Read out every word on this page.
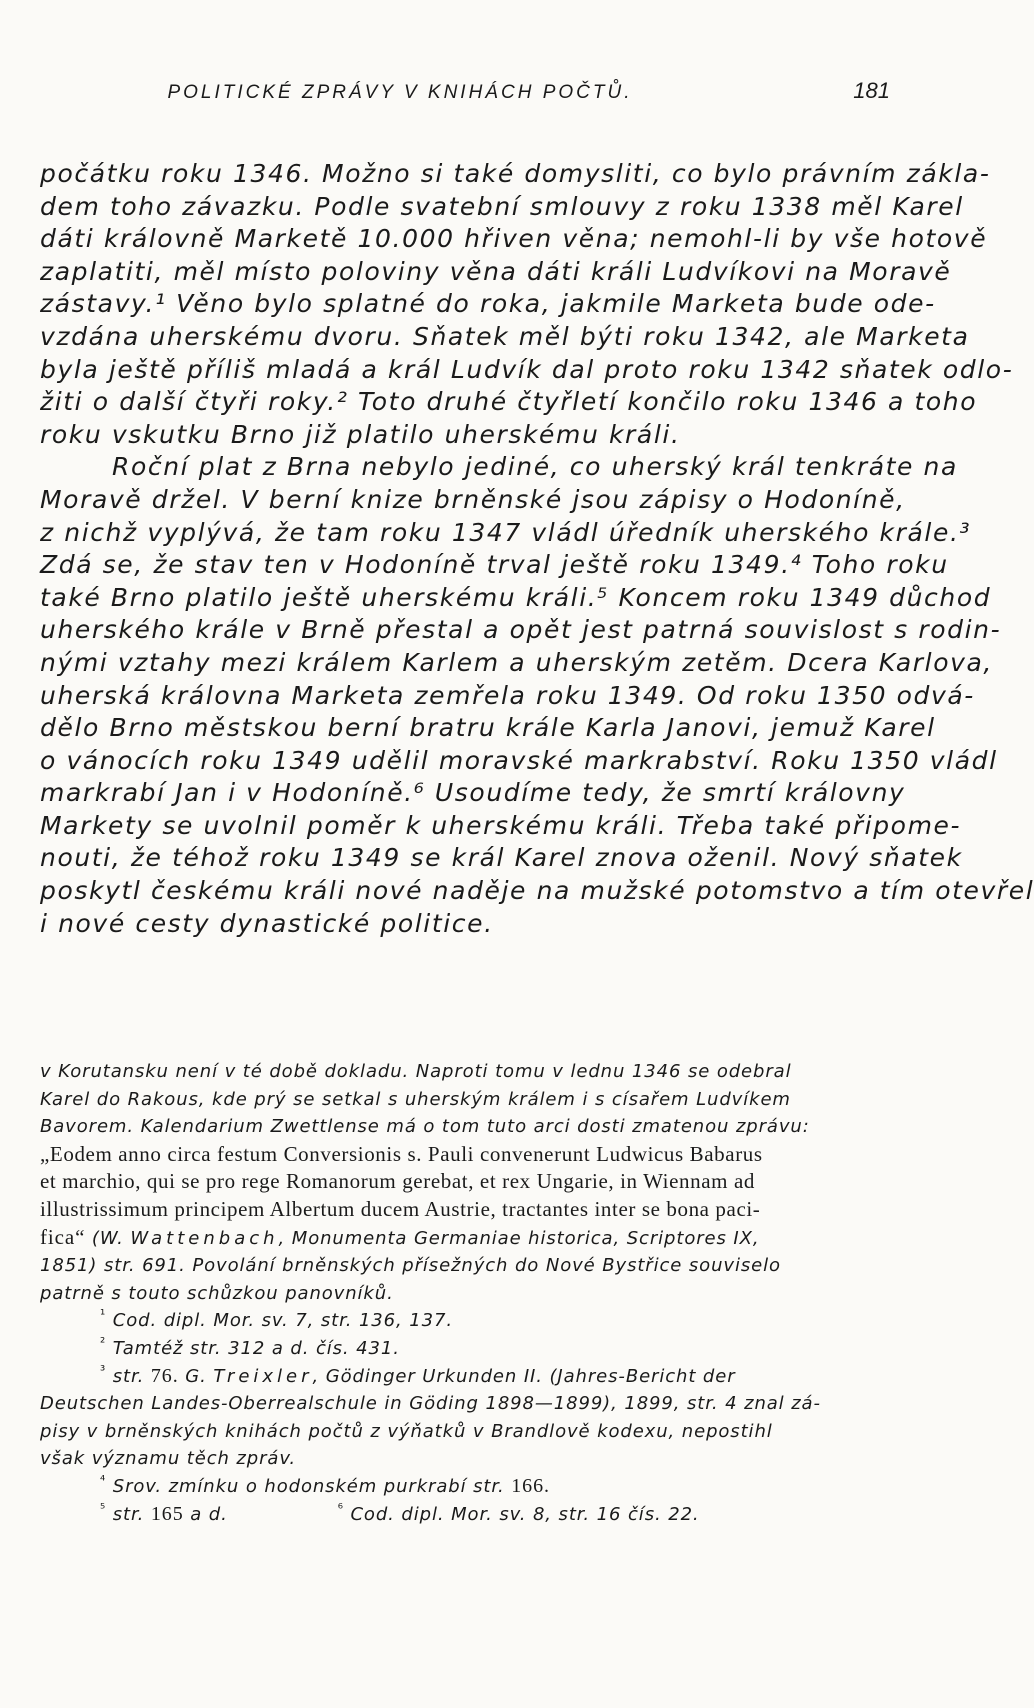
POLITICKÉ ZPRÁVY V KNIHÁCH POČTŮ.	181
počátku roku 1346. Možno si také domysliti, co bylo právním zákla-
dem toho závazku. Podle svatební smlouvy z roku 1338 měl Karel
dáti královně Marketě 10.000 hřiven věna; nemohl-li by vše hotově
zaplatiti, měl místo poloviny věna dáti králi Ludvíkovi na Moravě
zástavy.¹ Věno bylo splatné do roka, jakmile Marketa bude ode-
vzdána uherskému dvoru. Sňatek měl býti roku 1342, ale Marketa
byla ještě příliš mladá a král Ludvík dal proto roku 1342 sňatek odlo-
žiti o další čtyři roky.² Toto druhé čtyřletí končilo roku 1346 a toho
roku vskutku Brno již platilo uherskému králi.
Roční plat z Brna nebylo jediné, co uherský král tenkráte na
Moravě držel. V berní knize brněnské jsou zápisy o Hodoníně,
z nichž vyplývá, že tam roku 1347 vládl úředník uherského krále.³
Zdá se, že stav ten v Hodoníně trval ještě roku 1349.⁴ Toho roku
také Brno platilo ještě uherskému králi.⁵ Koncem roku 1349 důchod
uherského krále v Brně přestal a opět jest patrná souvislost s rodin-
nými vztahy mezi králem Karlem a uherským zetěm. Dcera Karlova,
uherská královna Marketa zemřela roku 1349. Od roku 1350 odvá-
dělo Brno městskou berní bratru krále Karla Janovi, jemuž Karel
o vánocích roku 1349 udělil moravské markrabství. Roku 1350 vládl
markrabí Jan i v Hodoníně.⁶ Usoudíme tedy, že smrtí královny
Markety se uvolnil poměr k uherskému králi. Třeba také připome-
nouti, že téhož roku 1349 se král Karel znova oženil. Nový sňatek
poskytl českému králi nové naděje na mužské potomstvo a tím otevřel
i nové cesty dynastické politice.
v Korutansku není v té době dokladu. Naproti tomu v lednu 1346 se odebral
Karel do Rakous, kde prý se setkal s uherským králem i s císařem Ludvíkem
Bavorem. Kalendarium Zwettlense má o tom tuto arci dosti zmatenou zprávu:
„Eodem anno circa festum Conversionis s. Pauli convenerunt Ludwicus Babarus
et marchio, qui se pro rege Romanorum gerebat, et rex Ungarie, in Wiennam ad
illustrissimum principem Albertum ducem Austrie, tractantes inter se bona paci-
fica“ (W. Wattenbach, Monumenta Germaniae historica, Scriptores IX,
1851) str. 691. Povolání brněnských přísežných do Nové Bystřice souviselo
patrně s touto schůzkou panovníků.
$^{^1}$ Cod. dipl. Mor. sv. 7, str. 136, 137.
$^{^2}$ Tamtéž str. 312 a d. čís. 431.
$^{^3}$ str. 76. G. Treixler, Gödinger Urkunden II. (Jahres-Bericht der
Deutschen Landes-Oberrealschule in Göding 1898—1899), 1899, str. 4 znal zá-
pisy v brněnských knihách počtů z výňatků v Brandlově kodexu, nepostihl
však významu těch zpráv.
$^{^4}$ Srov. zmínku o hodonském purkrabí str. 166.
$^{^5}$ str. 165 a d.	$^{^6}$ Cod. dipl. Mor. sv. 8, str. 16 čís. 22.
